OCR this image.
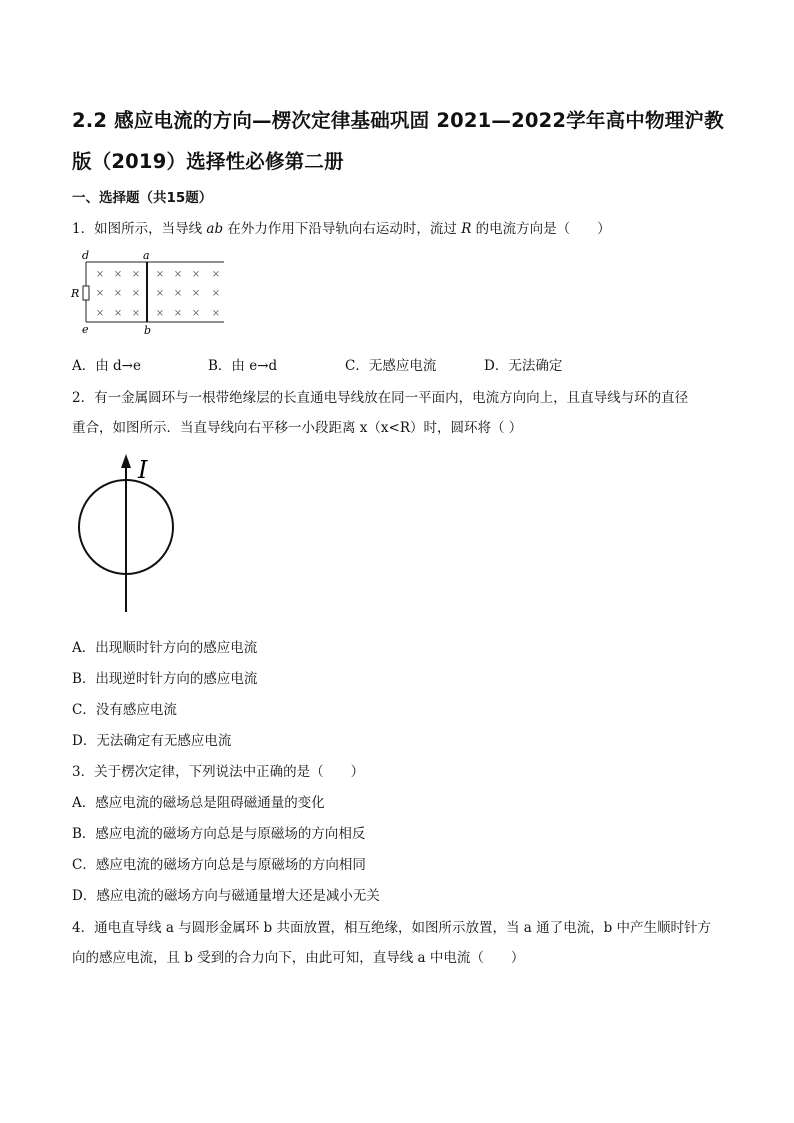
2.2 感应电流的方向—楞次定律基础巩固 2021—2022学年高中物理沪教版（2019）选择性必修第二册
一、选择题（共15题）
1．如图所示，当导线 ab 在外力作用下沿导轨向右运动时，流过 R 的电流方向是（　　）
× × × × × × ×
× × × × × × ×
× × × × × × ×
d	a
R
e	b
A．由 d→e	B．由 e→d	C．无感应电流	D．无法确定
2．有一金属圆环与一根带绝缘层的长直通电导线放在同一平面内，电流方向向上，且直导线与环的直径
重合，如图所示．当直导线向右平移一小段距离 x（x<R）时，圆环将（ ）
I
A．出现顺时针方向的感应电流
B．出现逆时针方向的感应电流
C．没有感应电流
D．无法确定有无感应电流
3．关于楞次定律，下列说法中正确的是（　　）
A．感应电流的磁场总是阻碍磁通量的变化
B．感应电流的磁场方向总是与原磁场的方向相反
C．感应电流的磁场方向总是与原磁场的方向相同
D．感应电流的磁场方向与磁通量增大还是减小无关
4．通电直导线 a 与圆形金属环 b 共面放置，相互绝缘，如图所示放置，当 a 通了电流，b 中产生顺时针方
向的感应电流，且 b 受到的合力向下，由此可知，直导线 a 中电流（　　）
